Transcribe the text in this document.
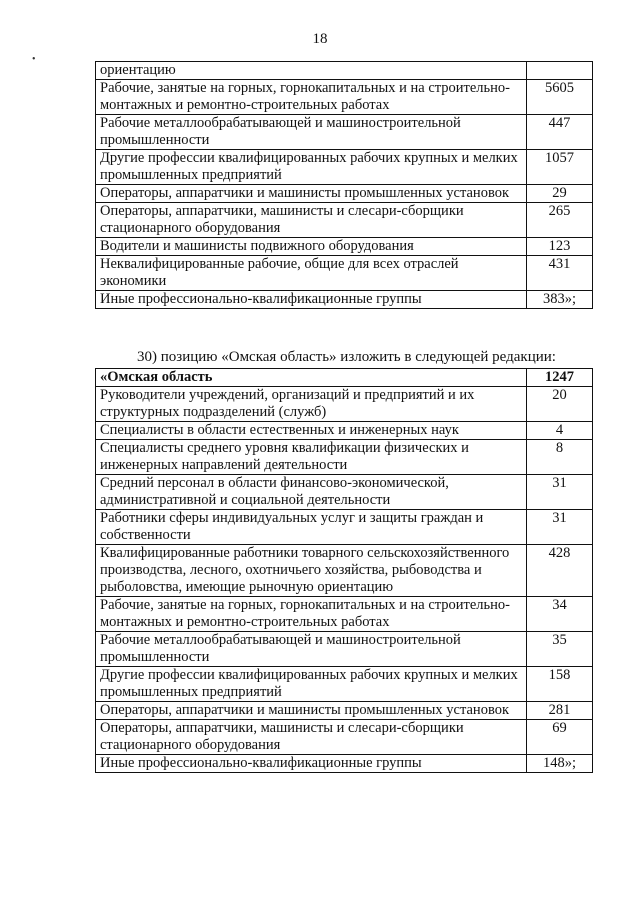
18
•
ориентацию	
Рабочие, занятые на горных, горнокапитальных и на строительно-монтажных и ремонтно-строительных работах	5605
Рабочие металлообрабатывающей и машиностроительной промышленности	447
Другие профессии квалифицированных рабочих крупных и мелких промышленных предприятий	1057
Операторы, аппаратчики и машинисты промышленных установок	29
Операторы, аппаратчики, машинисты и слесари-сборщики стационарного оборудования	265
Водители и машинисты подвижного оборудования	123
Неквалифицированные рабочие, общие для всех отраслей экономики	431
Иные профессионально-квалификационные группы	383»;
30) позицию «Омская область» изложить в следующей редакции:
«Омская область	1247
Руководители учреждений, организаций и предприятий и их структурных подразделений (служб)	20
Специалисты в области естественных и инженерных наук	4
Специалисты среднего уровня квалификации физических и инженерных направлений деятельности	8
Средний персонал в области финансово-экономической, административной и социальной деятельности	31
Работники сферы индивидуальных услуг и защиты граждан и собственности	31
Квалифицированные работники товарного сельскохозяйственного производства, лесного, охотничьего хозяйства, рыбоводства и рыболовства, имеющие рыночную ориентацию	428
Рабочие, занятые на горных, горнокапитальных и на строительно-монтажных и ремонтно-строительных работах	34
Рабочие металлообрабатывающей и машиностроительной промышленности	35
Другие профессии квалифицированных рабочих крупных и мелких промышленных предприятий	158
Операторы, аппаратчики и машинисты промышленных установок	281
Операторы, аппаратчики, машинисты и слесари-сборщики стационарного оборудования	69
Иные профессионально-квалификационные группы	148»;
